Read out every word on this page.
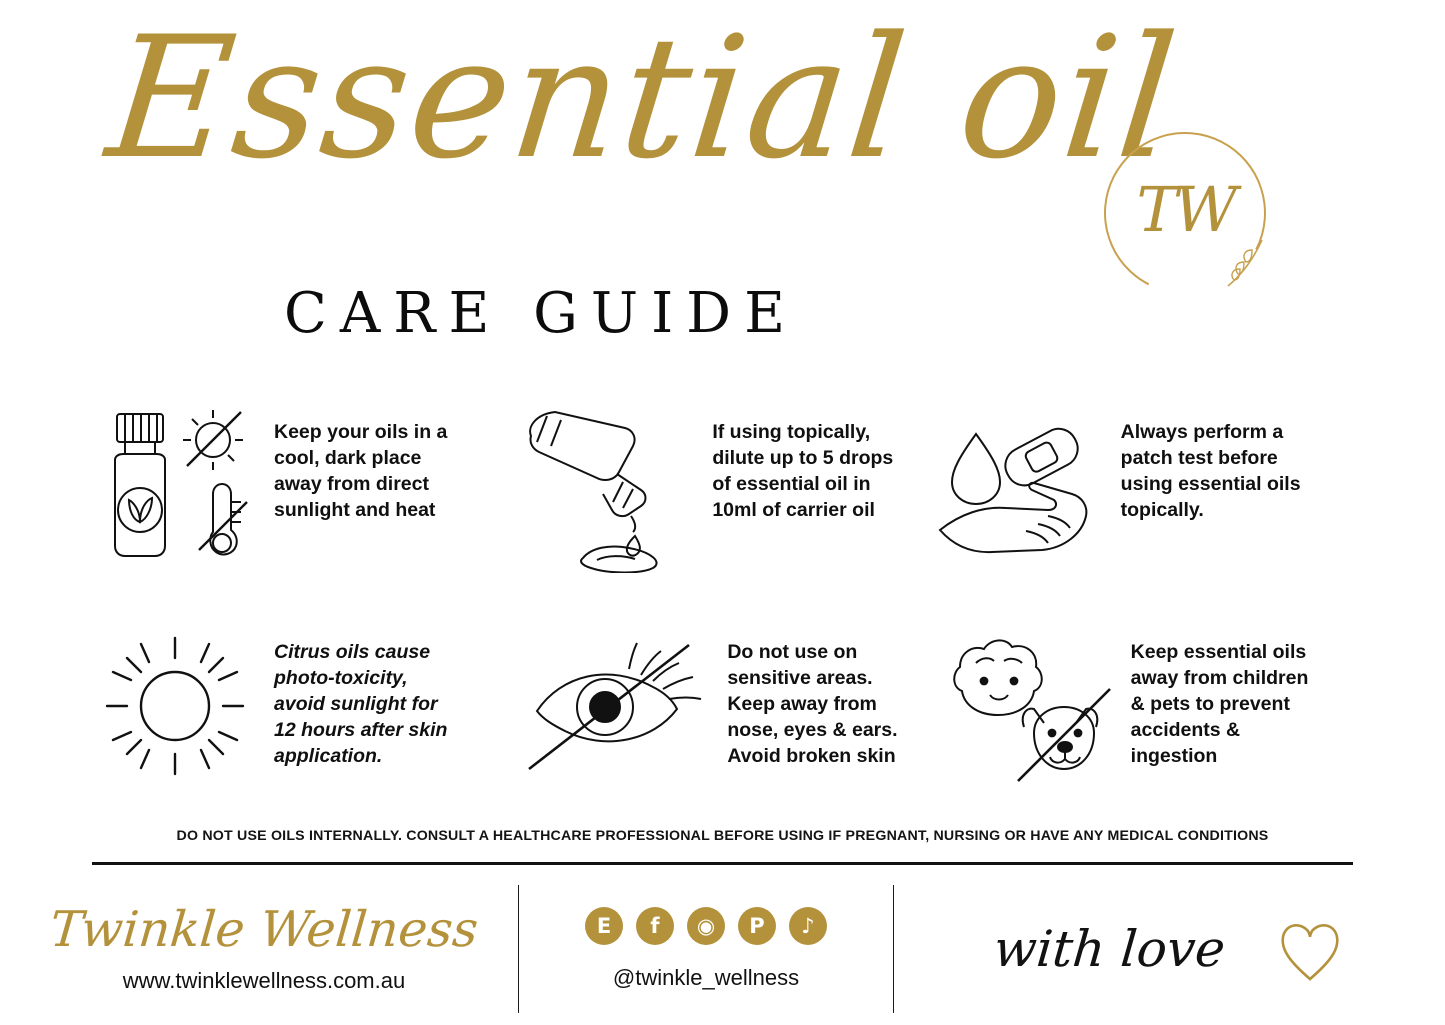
Essential oil
CARE GUIDE
TW
Keep your oils in a cool, dark place away from direct sunlight and heat
If using topically, dilute up to 5 drops of essential oil in 10ml of carrier oil
Always perform a patch test before using essential oils topically.
Citrus oils cause photo-toxicity, avoid sunlight for 12 hours after skin application.
Do not use on sensitive areas. Keep away from nose, eyes & ears. Avoid broken skin
Keep essential oils away from children & pets to prevent accidents & ingestion
DO NOT USE OILS INTERNALLY. CONSULT A HEALTHCARE PROFESSIONAL BEFORE USING IF PREGNANT, NURSING OR HAVE ANY MEDICAL CONDITIONS
Twinkle Wellness
www.twinklewellness.com.au
E	f	◉	P	♪
@twinkle_wellness	with love
